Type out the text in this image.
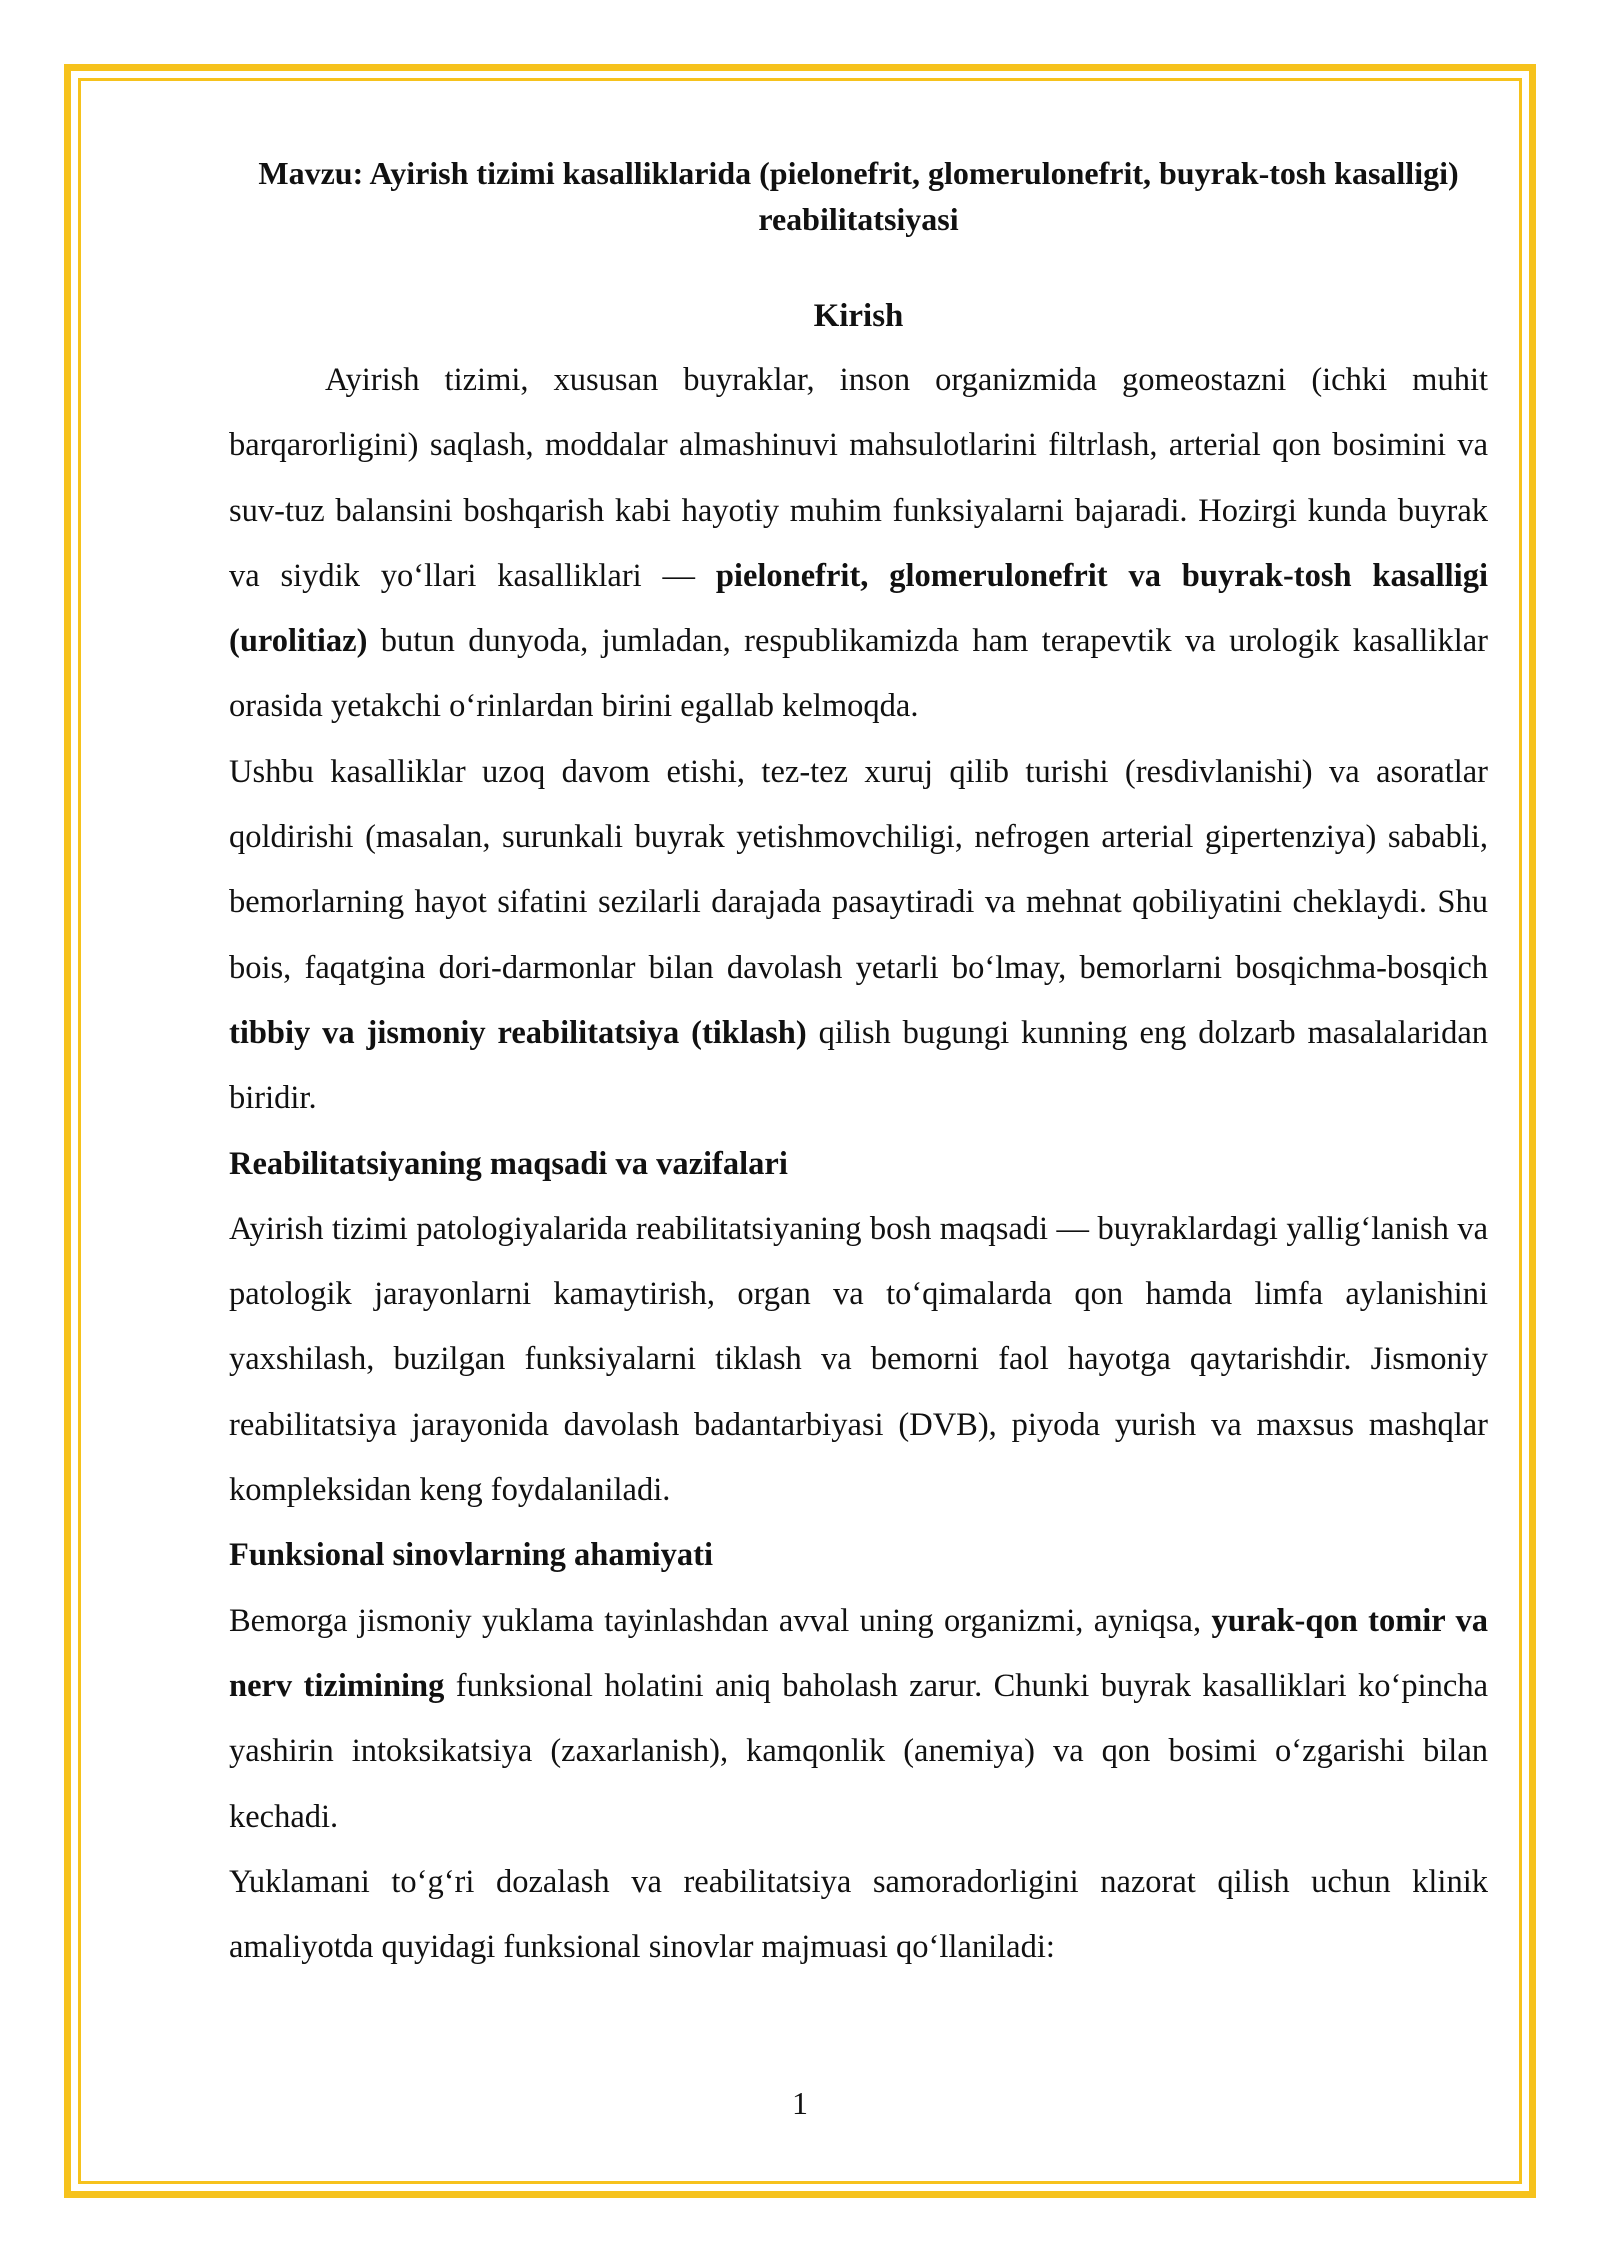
Mavzu: Ayirish tizimi kasalliklarida (pielonefrit, glomerulonefrit, buyrak-tosh kasalligi) reabilitatsiyasi
Kirish

Ayirish tizimi, xususan buyraklar, inson organizmida gomeostazni (ichki muhit barqarorligini) saqlash, moddalar almashinuvi mahsulotlarini filtrlash, arterial qon bosimini va suv-tuz balansini boshqarish kabi hayotiy muhim funksiyalarni bajaradi. Hozirgi kunda buyrak va siydik yo‘llari kasalliklari — pielonefrit, glomerulonefrit va buyrak-tosh kasalligi (urolitiaz) butun dunyoda, jumladan, respublikamizda ham terapevtik va urologik kasalliklar orasida yetakchi o‘rinlardan birini egallab kelmoqda.

Ushbu kasalliklar uzoq davom etishi, tez-tez xuruj qilib turishi (resdivlanishi) va asoratlar qoldirishi (masalan, surunkali buyrak yetishmovchiligi, nefrogen arterial gipertenziya) sababli, bemorlarning hayot sifatini sezilarli darajada pasaytiradi va mehnat qobiliyatini cheklaydi. Shu bois, faqatgina dori-darmonlar bilan davolash yetarli bo‘lmay, bemorlarni bosqichma-bosqich tibbiy va jismoniy reabilitatsiya (tiklash) qilish bugungi kunning eng dolzarb masalalaridan biridir.

Reabilitatsiyaning maqsadi va vazifalari

Ayirish tizimi patologiyalarida reabilitatsiyaning bosh maqsadi — buyraklardagi yallig‘lanish va patologik jarayonlarni kamaytirish, organ va to‘qimalarda qon hamda limfa aylanishini yaxshilash, buzilgan funksiyalarni tiklash va bemorni faol hayotga qaytarishdir. Jismoniy reabilitatsiya jarayonida davolash badantarbiyasi (DVB), piyoda yurish va maxsus mashqlar kompleksidan keng foydalaniladi.

Funksional sinovlarning ahamiyati

Bemorga jismoniy yuklama tayinlashdan avval uning organizmi, ayniqsa, yurak-qon tomir va nerv tizimining funksional holatini aniq baholash zarur. Chunki buyrak kasalliklari ko‘pincha yashirin intoksikatsiya (zaxarlanish), kamqonlik (anemiya) va qon bosimi o‘zgarishi bilan kechadi.

Yuklamani to‘g‘ri dozalash va reabilitatsiya samoradorligini nazorat qilish uchun klinik amaliyotda quyidagi funksional sinovlar majmuasi qo‘llaniladi:

1
